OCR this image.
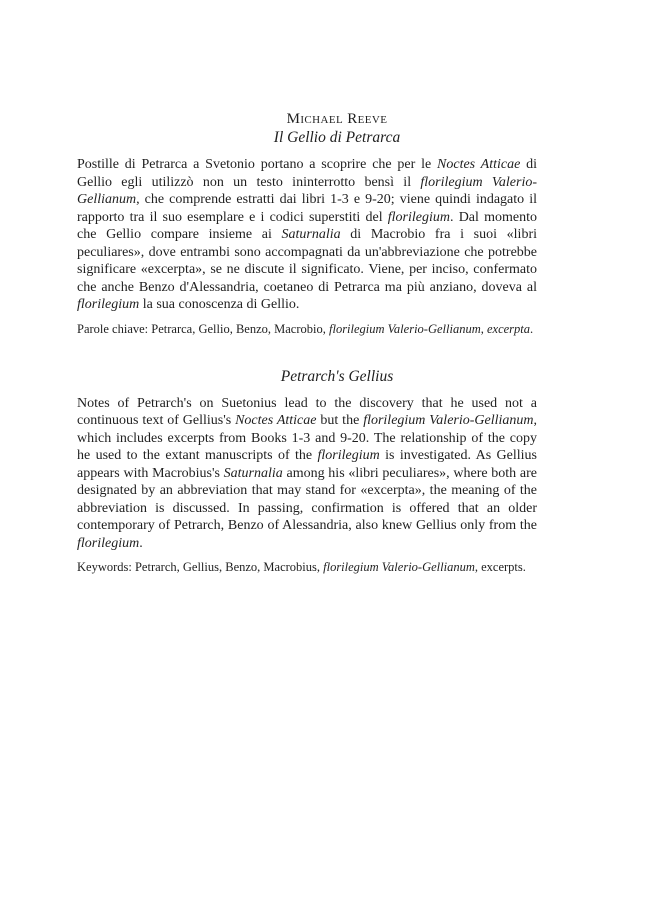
Michael Reeve

Il Gellio di Petrarca

Postille di Petrarca a Svetonio portano a scoprire che per le Noctes Atticae di Gellio egli utilizzò non un testo ininterrotto bensì il florilegium Valerio-Gellianum, che comprende estratti dai libri 1-3 e 9-20; viene quindi indagato il rapporto tra il suo esemplare e i codici superstiti del florilegium. Dal momento che Gellio compare insieme ai Saturnalia di Macrobio fra i suoi «libri peculiares», dove entrambi sono accompagnati da un'abbreviazione che potrebbe significare «excerpta», se ne discute il significato. Viene, per inciso, confermato che anche Benzo d'Alessandria, coetaneo di Petrarca ma più anziano, doveva al florilegium la sua conoscenza di Gellio.

Parole chiave: Petrarca, Gellio, Benzo, Macrobio, florilegium Valerio-Gellianum, excerpta.

Petrarch's Gellius

Notes of Petrarch's on Suetonius lead to the discovery that he used not a continuous text of Gellius's Noctes Atticae but the florilegium Valerio-Gellianum, which includes excerpts from Books 1-3 and 9-20. The relationship of the copy he used to the extant manuscripts of the florilegium is investigated. As Gellius appears with Macrobius's Saturnalia among his «libri peculiares», where both are designated by an abbreviation that may stand for «excerpta», the meaning of the abbreviation is discussed. In passing, confirmation is offered that an older contemporary of Petrarch, Benzo of Alessandria, also knew Gellius only from the florilegium.

Keywords: Petrarch, Gellius, Benzo, Macrobius, florilegium Valerio-Gellianum, excerpts.
